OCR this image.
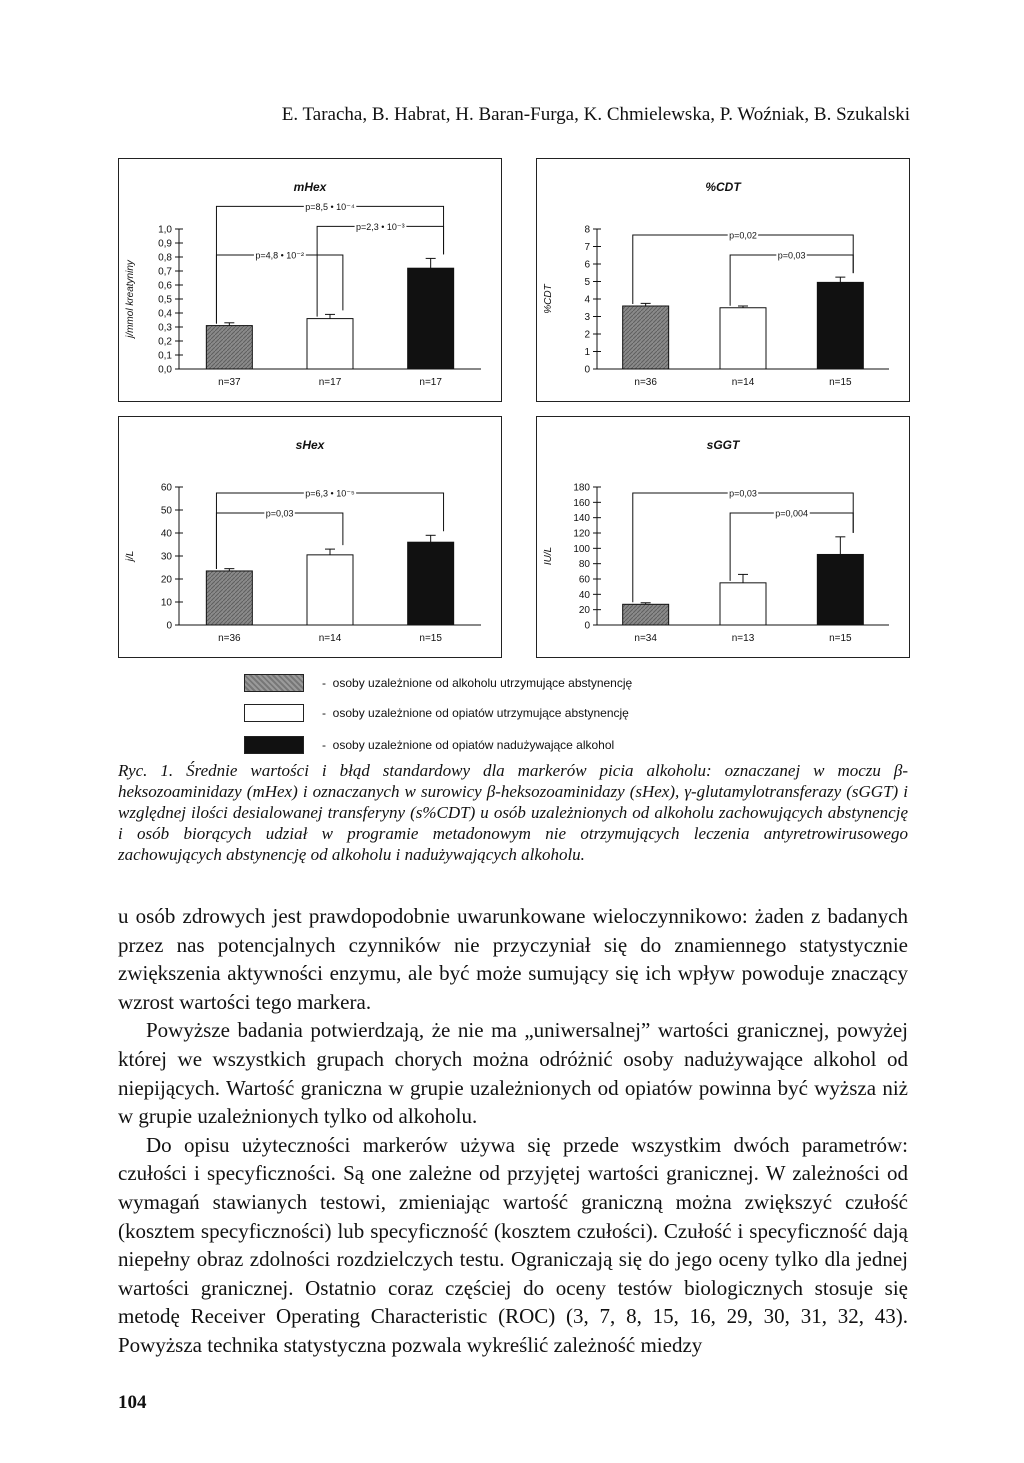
E. Taracha, B. Habrat, H. Baran-Furga, K. Chmielewska, P. Woźniak, B. Szukalski
mHex
j/mmol kreatyniny
0,0
0,1
0,2
0,3
0,4
0,5
0,6
0,7
0,8
0,9
1,0
n=37	n=17	n=17
p=4,8 • 10⁻²
p=2,3 • 10⁻³
p=8,5 • 10⁻⁴
%CDT
%CDT
0
1
2
3
4
5
6
7
8
n=36	n=14	n=15
p=0,03
p=0,02
sHex
j/L
0
10
20
30
40
50
60
n=36	n=14	n=15
p=0,03
p=6,3 • 10⁻⁵
sGGT
IU/L
0
20
40
60
80
100
120
140
160
180
n=34	n=13	n=15
p=0,004
p=0,03
-  osoby uzależnione od alkoholu utrzymujące abstynencję
-  osoby uzależnione od opiatów utrzymujące abstynencję
-  osoby uzależnione od opiatów nadużywające alkohol
Ryc. 1. Średnie wartości i błąd standardowy dla markerów picia alkoholu: oznaczanej w moczu β-heksozoaminidazy (mHex) i oznaczanych w surowicy β-heksozoaminidazy (sHex), γ-glutamylotransferazy (sGGT) i względnej ilości desialowanej transferyny (s%CDT) u osób uzależnionych od alkoholu zachowujących abstynencję i osób biorących udział w programie metadonowym nie otrzymujących leczenia antyretrowirusowego zachowujących abstynencję od alkoholu i nadużywających alkoholu.

u osób zdrowych jest prawdopodobnie uwarunkowane wieloczynnikowo: żaden z badanych przez nas potencjalnych czynników nie przyczyniał się do znamiennego statystycznie zwiększenia aktywności enzymu, ale być może sumujący się ich wpływ powoduje znaczący wzrost wartości tego markera.

Powyższe badania potwierdzają, że nie ma „uniwersalnej” wartości granicznej, powyżej której we wszystkich grupach chorych można odróżnić osoby nadużywające alkohol od niepijących. Wartość graniczna w grupie uzależnionych od opiatów powinna być wyższa niż w grupie uzależnionych tylko od alkoholu.

Do opisu użyteczności markerów używa się przede wszystkim dwóch parametrów: czułości i specyficzności. Są one zależne od przyjętej wartości granicznej. W zależności od wymagań stawianych testowi, zmieniając wartość graniczną można zwiększyć czułość (kosztem specyficzności) lub specyficzność (kosztem czułości). Czułość i specyficzność dają niepełny obraz zdolności rozdzielczych testu. Ograniczają się do jego oceny tylko dla jednej wartości granicznej. Ostatnio coraz częściej do oceny testów biologicznych stosuje się metodę Receiver Operating Characteristic (ROC) (3, 7, 8, 15, 16, 29, 30, 31, 32, 43). Powyższa technika statystyczna pozwala wykreślić zależność miedzy

104
